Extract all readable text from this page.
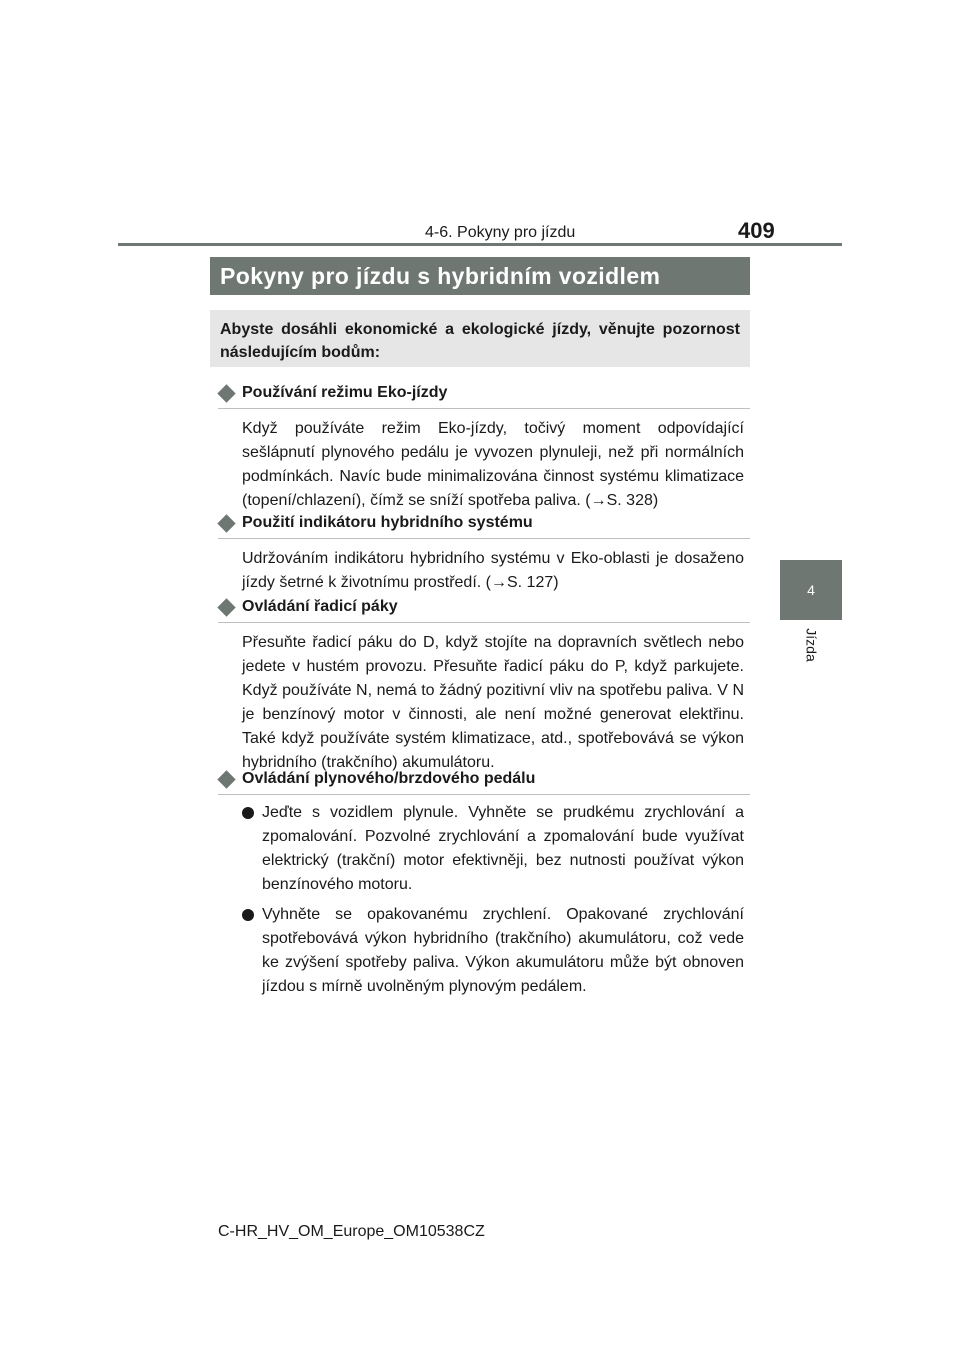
4-6. Pokyny pro jízdu	409
4
Jízda
Pokyny pro jízdu s hybridním vozidlem
Abyste dosáhli ekonomické a ekologické jízdy, věnujte pozornost následujícím bodům:
Používání režimu Eko-jízdy
Když používáte režim Eko-jízdy, točivý moment odpovídající sešlápnutí plynového pedálu je vyvozen plynuleji, než při normálních podmínkách. Navíc bude minimalizována činnost systému klimatizace (topení/chlazení), čímž se sníží spotřeba paliva. (→S. 328)
Použití indikátoru hybridního systému
Udržováním indikátoru hybridního systému v Eko-oblasti je dosaženo jízdy šetrné k životnímu prostředí. (→S. 127)
Ovládání řadicí páky
Přesuňte řadicí páku do D, když stojíte na dopravních světlech nebo jedete v hustém provozu. Přesuňte řadicí páku do P, když parkujete. Když používáte N, nemá to žádný pozitivní vliv na spotřebu paliva. V N je benzínový motor v činnosti, ale není možné generovat elektřinu. Také když používáte systém klimatizace, atd., spotřebovává se výkon hybridního (trakčního) akumulátoru.
Ovládání plynového/brzdového pedálu
Jeďte s vozidlem plynule. Vyhněte se prudkému zrychlování a zpomalování. Pozvolné zrychlování a zpomalování bude využívat elektrický (trakční) motor efektivněji, bez nutnosti používat výkon benzínového motoru.
Vyhněte se opakovanému zrychlení. Opakované zrychlování spotřebovává výkon hybridního (trakčního) akumulátoru, což vede ke zvýšení spotřeby paliva. Výkon akumulátoru může být obnoven jízdou s mírně uvolněným plynovým pedálem.
C-HR_HV_OM_Europe_OM10538CZ
